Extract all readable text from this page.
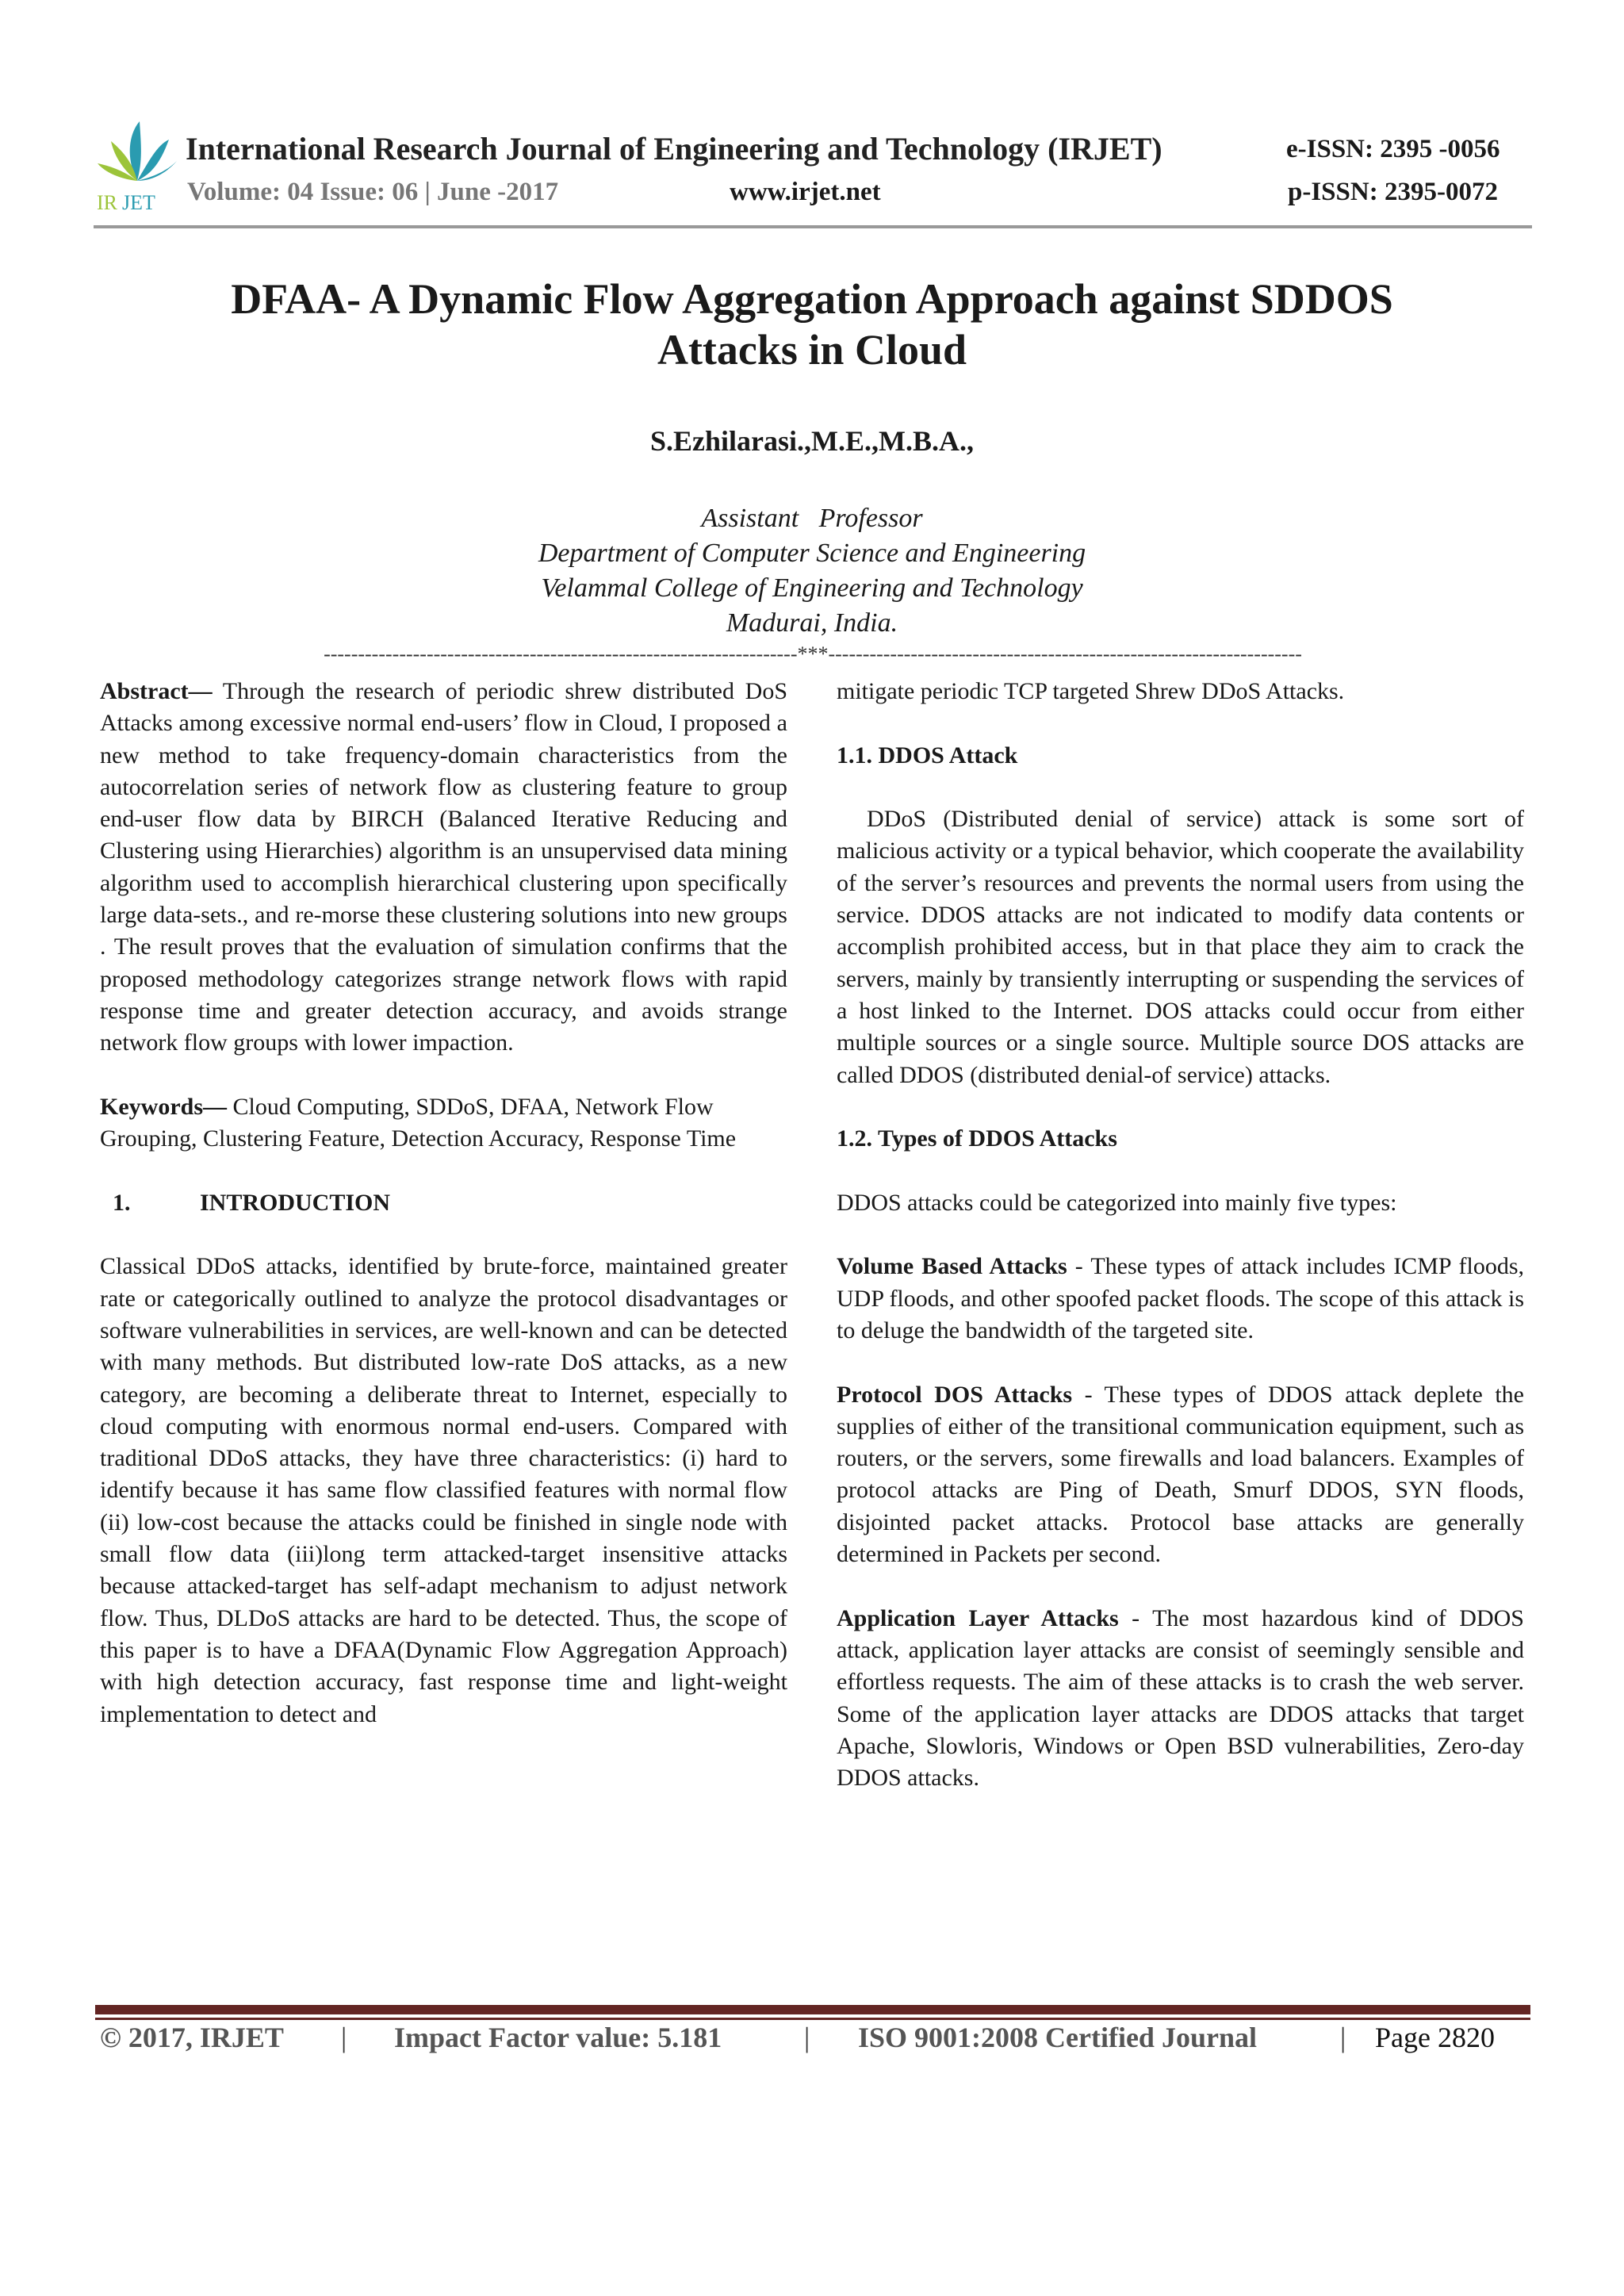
IR JET
International Research Journal of Engineering and Technology (IRJET)	e-ISSN: 2395 -0056
Volume: 04 Issue: 06 | June -2017	www.irjet.net	p-ISSN: 2395-0072
DFAA- A Dynamic Flow Aggregation Approach against SDDOS
Attacks in Cloud
S.Ezhilarasi.,M.E.,M.B.A.,
Assistant   Professor
Department of Computer Science and Engineering
Velammal College of Engineering and Technology
Madurai, India.
---------------------------------------------------------------------***---------------------------------------------------------------------

Abstract— Through the research of periodic shrew distributed DoS Attacks among excessive normal end-users’ flow in Cloud, I proposed a new method to take frequency-domain characteristics from the autocorrelation series of network flow as clustering feature to group end-user flow data by BIRCH (Balanced Iterative Reducing and Clustering using Hierarchies) algorithm is an unsupervised data mining algorithm used to accomplish hierarchical clustering upon specifically large data-sets., and re-morse these clustering solutions into new groups . The result proves that the evaluation of simulation confirms that the proposed methodology categorizes strange network flows with rapid response time and greater detection accuracy, and avoids strange network flow groups with lower impaction.

Keywords— Cloud Computing, SDDoS, DFAA, Network Flow Grouping, Clustering Feature, Detection Accuracy, Response Time

1.	INTRODUCTION

Classical DDoS attacks, identified by brute-force, maintained greater rate or categorically outlined to analyze the protocol disadvantages or software vulnerabilities in services, are well-known and can be detected with many methods. But distributed low-rate DoS attacks, as a new category, are becoming a deliberate threat to Internet, especially to cloud computing with enormous normal end-users. Compared with traditional DDoS attacks, they have three characteristics: (i) hard to identify because it has same flow classified features with normal flow (ii) low-cost because the attacks could be finished in single node with small flow data (iii)long term attacked-target insensitive attacks because attacked-target has self-adapt mechanism to adjust network flow. Thus, DLDoS attacks are hard to be detected. Thus, the scope of this paper is to have a DFAA(Dynamic Flow Aggregation Approach) with high detection accuracy, fast response time and light-weight implementation to detect and

mitigate periodic TCP targeted Shrew DDoS Attacks.

1.1. DDOS Attack

DDoS (Distributed denial of service) attack is some sort of malicious activity or a typical behavior, which cooperate the availability of the server’s resources and prevents the normal users from using the service. DDOS attacks are not indicated to modify data contents or accomplish prohibited access, but in that place they aim to crack the servers, mainly by transiently interrupting or suspending the services of a host linked to the Internet. DOS attacks could occur from either multiple sources or a single source. Multiple source DOS attacks are called DDOS (distributed denial-of service) attacks.

1.2. Types of DDOS Attacks

DDOS attacks could be categorized into mainly five types:

Volume Based Attacks - These types of attack includes ICMP floods, UDP floods, and other spoofed packet floods. The scope of this attack is to deluge the bandwidth of the targeted site.

Protocol DOS Attacks - These types of DDOS attack deplete the supplies of either of the transitional communication equipment, such as routers, or the servers, some firewalls and load balancers. Examples of protocol attacks are Ping of Death, Smurf DDOS, SYN floods, disjointed packet attacks. Protocol base attacks are generally determined in Packets per second.

Application Layer Attacks - The most hazardous kind of DDOS attack, application layer attacks are consist of seemingly sensible and effortless requests. The aim of these attacks is to crash the web server. Some of the application layer attacks are DDOS attacks that target Apache, Slowloris, Windows or Open BSD vulnerabilities, Zero-day DDOS attacks.

© 2017, IRJET | Impact Factor value: 5.181	| ISO 9001:2008 Certified Journal	| Page 2820
